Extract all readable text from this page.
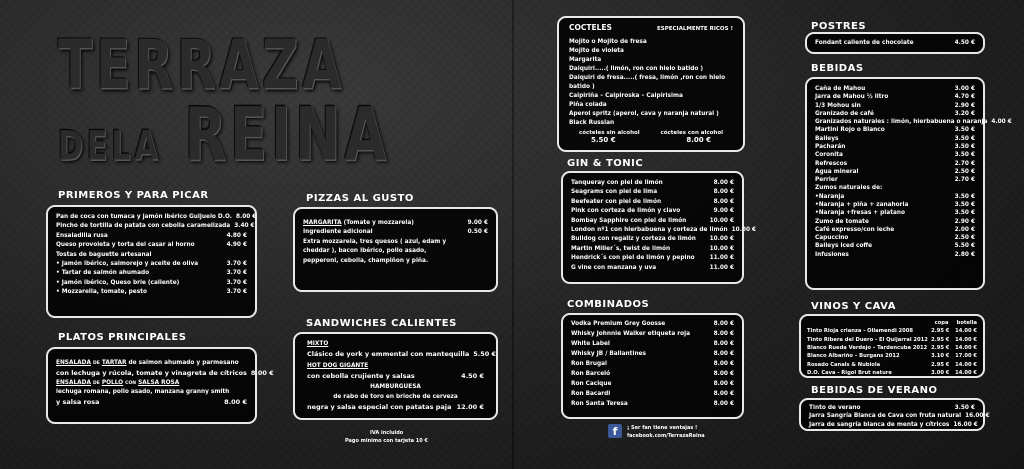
TERRAZA
DELA REINA
PRIMEROS Y PARA PICAR
Pan de coca con tumaca y jamón ibérico Guijuelo D.O. 8.00 €
Pincho de tortilla de patata con cebolla caramelizada 3.40 €
Ensaladilla rusa	4.80 €
Queso provoleta y torta del casar al horno	4.90 €
Tostas de baguette artesanal
• Jamón ibérico, salmorejo y aceite de oliva	3.70 €
• Tartar de salmón ahumado	3.70 €
• Jamón ibérico, Queso brie (caliente)	3.70 €
• Mozzarella, tomate, pesto	3.70 €
PLATOS PRINCIPALES
ENSALADA DE TARTAR de salmon ahumado y parmesano
con lechuga y rúcola, tomate y vinagreta de cítricos 8.00 €
ENSALADA DE POLLO CON SALSA ROSA
lechuga romana, pollo asado, manzana granny smith
y salsa rosa	8.00 €
PIZZAS AL GUSTO
MARGARITA (Tomate y mozzarela)	9.00 €
Ingrediente adicional	0.50 €
Extra mozzarela, tres quesos ( azul, edam y cheddar ), bacon ibérico, pollo asado, pepperoni, cebolla, champiñon y piña.
SANDWICHES CALIENTES
MIXTO
Clásico de york y emmental con mantequilla 5.50 €
HOT DOG GIGANTE
con cebolla crujiente y salsas	4.50 €
HAMBURGUESA
de rabo de toro en brioche de cerveza
negra y salsa especial con patatas paja 12.00 €
IVA incluido
Pago minimo con tarjeta 10 €
COCTELES	ESPECIALMENTE RICOS !
Mojito o Mojito de fresa
Mojito de violeta
Margarita
Daiquiri.....( limón, ron con hielo batido )
Daiquiri de fresa.....( fresa, limón ,ron con hielo batido )
Caipiriña – Caipiroska – Caipirisima
Piña colada
Aperol spritz (aperol, cava y naranja natural )
Black Russian
cócteles sin alcohol	cócteles con alcohol
5.50 €	8.00 €
GIN & TONIC
Tanqueray con piel de limón	8.00 €
Seagrams con piel de lima	8.00 €
Beefeater con piel de limón	8.00 €
Pink con corteza de limón y clavo	9.00 €
Bombay Sapphire con piel de limón	10.00 €
London nº1 con hierbabuena y corteza de limón 10.00 €
Bulldog con regaliz y corteza de limón 10.00 €
Martin Miller´s, twist de limón	10.00 €
Hendrick´s con piel de limón y pepino	11.00 €
G vine con manzana y uva	11.00 €
COMBINADOS
Vodka Premium Grey Goosse	8.00 €
Whisky Johnnie Walker etiqueta roja	8.00 €
White Label	8.00 €
Whisky JB / Ballantines	8.00 €
Ron Brugal	8.00 €
Ron Barceló	8.00 €
Ron Cacique	8.00 €
Ron Bacardi	8.00 €
Ron Santa Teresa	8.00 €
f	¡ Ser fan tiene ventajas !
facebook.com/TerrazaReina
POSTRES
Fondant caliente de chocolate	4.50 €
BEBIDAS
Caña de Mahou	3.00 €
Jarra de Mahou ½ litro	4.70 €
1/3 Mohou sin	2.90 €
Granizado de café	3.20 €
Granizados naturales : limón, hierbabuena o naranja 4.00 €
Martini Rojo o Blanco	3.50 €
Baileys	3.50 €
Pacharán	3.50 €
Coronita	3.50 €
Refrescos	2.70 €
Agua mineral	2.50 €
Perrier	2.70 €
Zumos naturales de:
•Naranja	3.50 €
•Naranja + piña + zanahoria	3.50 €
•Naranja +fresas + platano	3.50 €
Zumo de tomate	2.90 €
Café expresso/con leche	2.00 €
Capuccino	2.50 €
Baileys iced coffe	5.50 €
Infusiones	2.80 €
VINOS Y CAVA
copa botella
Tinto Rioja crianza - Ollamendi 2008	2.95 € 14.00 €
Tinto Ribera del Duero - El Quijarral 2012 2.95 € 14.00 €
Blanco Rueda Verdejo – Tardencuba 2012 2.95 € 14.00 €
Blanco Albariño – Burgans 2012	3.10 € 17.00 €
Rosado Canals & Nubiola	2.95 € 14.00 €
D.O. Cava - Rigol Brut nature	3.00 € 14.00 €
BEBIDAS DE VERANO
Tinto de verano	3.50 €
Jarra Sangría Blanca de Cava con fruta natural 16.00 €
Jarra de sangría blanca de menta y cítricos 16.00 €
